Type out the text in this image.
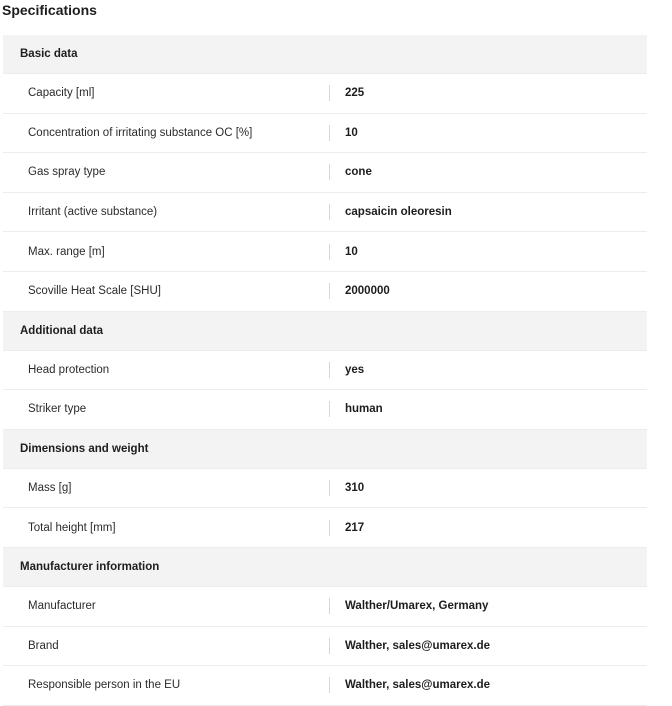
Specifications
Basic data
Capacity [ml]	225
Concentration of irritating substance OC [%]	10
Gas spray type	cone
Irritant (active substance)	capsaicin oleoresin
Max. range [m]	10
Scoville Heat Scale [SHU]	2000000
Additional data
Head protection	yes
Striker type	human
Dimensions and weight
Mass [g]	310
Total height [mm]	217
Manufacturer information
Manufacturer	Walther/Umarex, Germany
Brand	Walther, sales@umarex.de
Responsible person in the EU	Walther, sales@umarex.de
